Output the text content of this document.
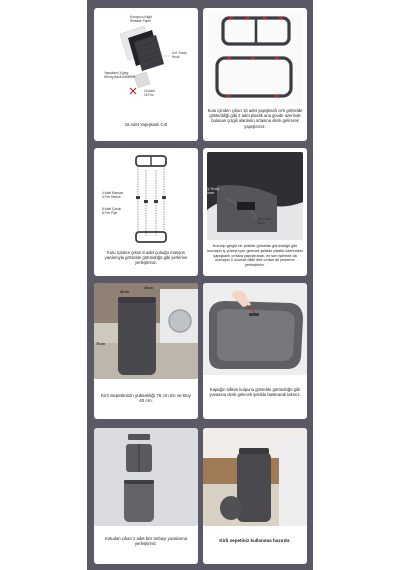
Koruyucu Kağıt
Release Paper
Cırt Yüzey
Hook
Yapışkanlı Yüzey
Strong Back Adhesive
16 Adet
16 Pcs
16 Adet Yapışkanlı Cırt
Kutu içinden çıkan 16 adet yapışkanlı cırtı görselde gösterildiği gibi 2 adet plastik ana govde üzerinde bulunan çizgili alanların ortasına denk getirerek yapıştırınız.
4 Adet Manşon
4 Pcs Sleeve
8 Adet Çubuk
8 Pcs Pipe
Kutu içinden çıkan 8 adet çubuğu manşon yardımıyla görselde göründüğü gibi yerlerine yerleştiriniz.
İç Yüzey
Inner
Dış Yüzey
Outer
Kumaşı gergin bir şekilde görselde göründüğü gibi kumaşın iç yüzeyi içeri gelecek şekilde plastik üzerindeki yapışkanlı cırtlara yapıştırarak, en son işlemde da kumaşın 2 ucunda dikili dört cırtları ali yerlerine yerleştiriniz.
40 cm
40 cm
76 cm
Kirli Sepetimizin yüksekliği 76 cm En ve Boy 40 cm.
Kapağın silikon kulpunu görselde göründüğü gibi yuvasına denk gelecek şekilde bastırarak takınız.
Kutudan çıkan 2 adet bez torbayı yuvalarına yerleştiriniz.
Kirli sepetiniz kullanıma hazırdır.
